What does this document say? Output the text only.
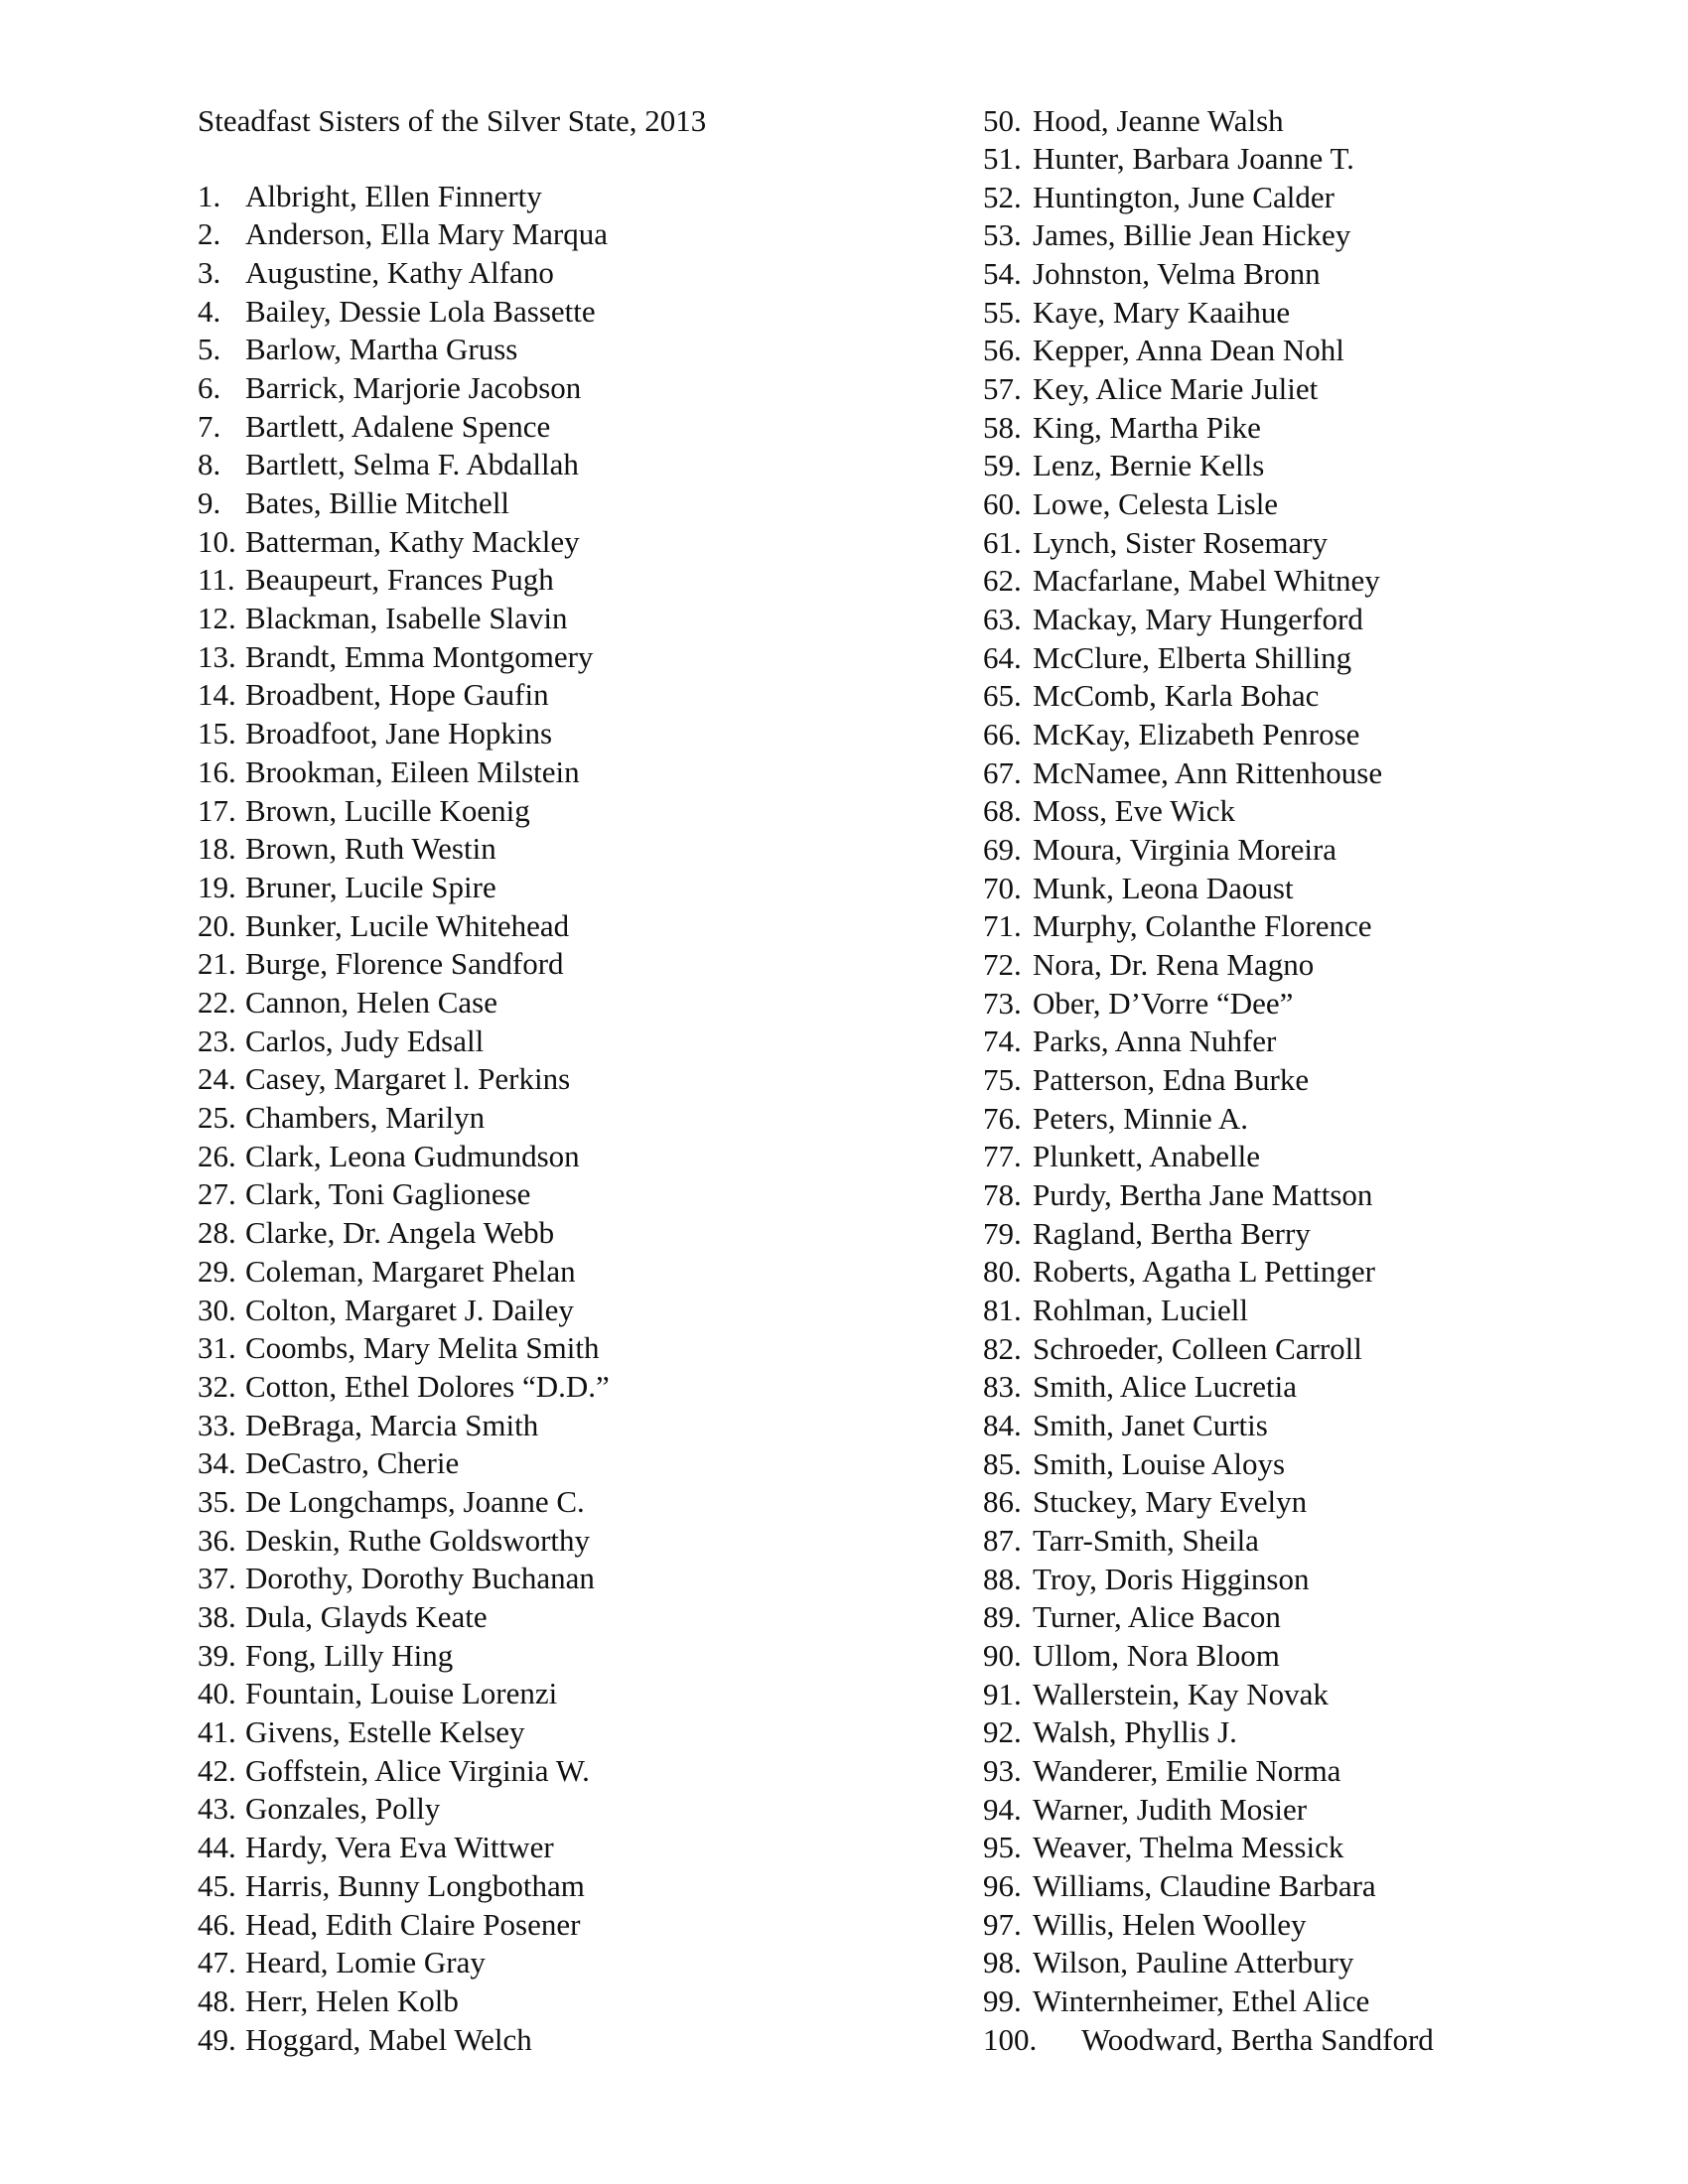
Steadfast Sisters of the Silver State, 2013
1. Albright, Ellen Finnerty
2. Anderson, Ella Mary Marqua
3. Augustine, Kathy Alfano
4. Bailey, Dessie Lola Bassette
5. Barlow, Martha Gruss
6. Barrick, Marjorie Jacobson
7. Bartlett, Adalene Spence
8. Bartlett, Selma F. Abdallah
9. Bates, Billie Mitchell
10. Batterman, Kathy Mackley
11. Beaupeurt, Frances Pugh
12. Blackman, Isabelle Slavin
13. Brandt, Emma Montgomery
14. Broadbent, Hope Gaufin
15. Broadfoot, Jane Hopkins
16. Brookman, Eileen Milstein
17. Brown, Lucille Koenig
18. Brown, Ruth Westin
19. Bruner, Lucile Spire
20. Bunker, Lucile Whitehead
21. Burge, Florence Sandford
22. Cannon, Helen Case
23. Carlos, Judy Edsall
24. Casey, Margaret l. Perkins
25. Chambers, Marilyn
26. Clark, Leona Gudmundson
27. Clark, Toni Gaglionese
28. Clarke, Dr. Angela Webb
29. Coleman, Margaret Phelan
30. Colton, Margaret J. Dailey
31. Coombs, Mary Melita Smith
32. Cotton, Ethel Dolores “D.D.”
33. DeBraga, Marcia Smith
34. DeCastro, Cherie
35. De Longchamps, Joanne C.
36. Deskin, Ruthe Goldsworthy
37. Dorothy, Dorothy Buchanan
38. Dula, Glayds Keate
39. Fong, Lilly Hing
40. Fountain, Louise Lorenzi
41. Givens, Estelle Kelsey
42. Goffstein, Alice Virginia W.
43. Gonzales, Polly
44. Hardy, Vera Eva Wittwer
45. Harris, Bunny Longbotham
46. Head, Edith Claire Posener
47. Heard, Lomie Gray
48. Herr, Helen Kolb
49. Hoggard, Mabel Welch
50. Hood, Jeanne Walsh
51. Hunter, Barbara Joanne T.
52. Huntington, June Calder
53. James, Billie Jean Hickey
54. Johnston, Velma Bronn
55. Kaye, Mary Kaaihue
56. Kepper, Anna Dean Nohl
57. Key, Alice Marie Juliet
58. King, Martha Pike
59. Lenz, Bernie Kells
60. Lowe, Celesta Lisle
61. Lynch, Sister Rosemary
62. Macfarlane, Mabel Whitney
63. Mackay, Mary Hungerford
64. McClure, Elberta Shilling
65. McComb, Karla Bohac
66. McKay, Elizabeth Penrose
67. McNamee, Ann Rittenhouse
68. Moss, Eve Wick
69. Moura, Virginia Moreira
70. Munk, Leona Daoust
71. Murphy, Colanthe Florence
72. Nora, Dr. Rena Magno
73. Ober, D’Vorre “Dee”
74. Parks, Anna Nuhfer
75. Patterson, Edna Burke
76. Peters, Minnie A.
77. Plunkett, Anabelle
78. Purdy, Bertha Jane Mattson
79. Ragland, Bertha Berry
80. Roberts, Agatha L Pettinger
81. Rohlman, Luciell
82. Schroeder, Colleen Carroll
83. Smith, Alice Lucretia
84. Smith, Janet Curtis
85. Smith, Louise Aloys
86. Stuckey, Mary Evelyn
87. Tarr-Smith, Sheila
88. Troy, Doris Higginson
89. Turner, Alice Bacon
90. Ullom, Nora Bloom
91. Wallerstein, Kay Novak
92. Walsh, Phyllis J.
93. Wanderer, Emilie Norma
94. Warner, Judith Mosier
95. Weaver, Thelma Messick
96. Williams, Claudine Barbara
97. Willis, Helen Woolley
98. Wilson, Pauline Atterbury
99. Winternheimer, Ethel Alice
100. Woodward, Bertha Sandford
